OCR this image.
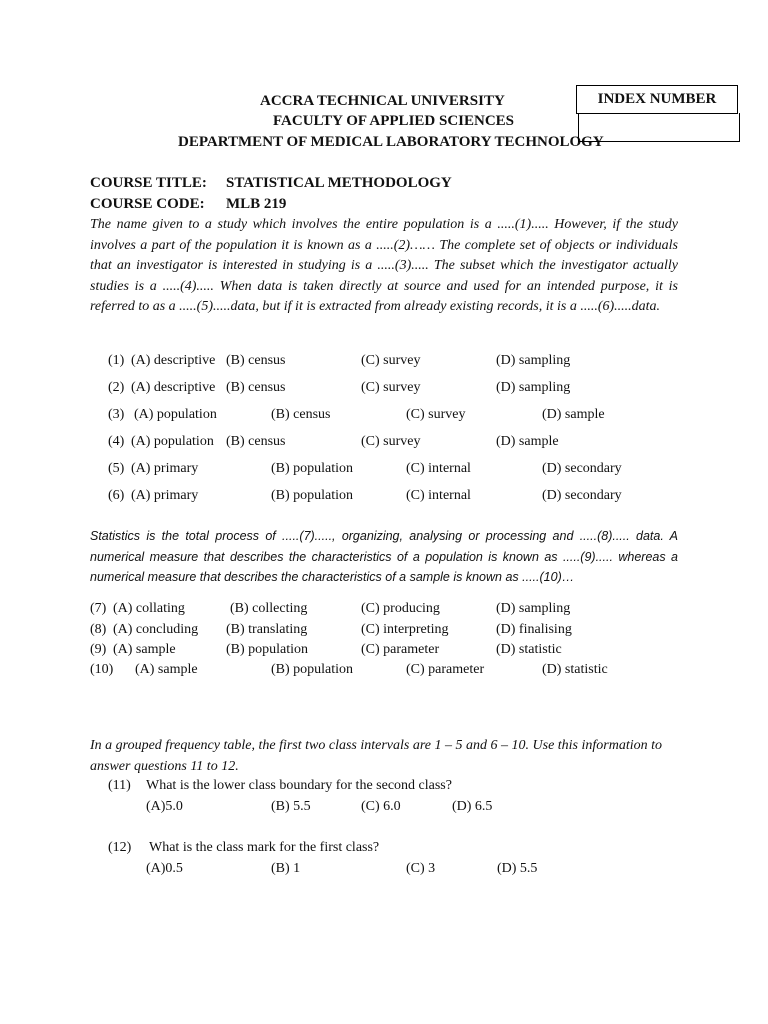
ACCRA TECHNICAL UNIVERSITY
FACULTY OF APPLIED SCIENCES
DEPARTMENT OF MEDICAL LABORATORY TECHNOLOGY
INDEX NUMBER
COURSE TITLE: STATISTICAL METHODOLOGY
COURSE CODE: MLB 219
The name given to a study which involves the entire population is a .....(1)..... However, if the study involves a part of the population it is known as a .....(2)…… The complete set of objects or individuals that an investigator is interested in studying is a .....(3)..... The subset which the investigator actually studies is a .....(4)..... When data is taken directly at source and used for an intended purpose, it is referred to as a .....(5).....data, but if it is extracted from already existing records, it is a .....(6).....data.
(1) (A) descriptive (B) census	(C) survey	(D) sampling
(2) (A) descriptive (B) census	(C) survey	(D) sampling
(3) (A) population	(B) census	(C) survey	(D) sample
(4) (A) population (B) census	(C) survey	(D) sample
(5) (A) primary	(B) population	(C) internal	(D) secondary
(6) (A) primary	(B) population	(C) internal	(D) secondary
Statistics is the total process of .....(7)....., organizing, analysing or processing and .....(8)..... data. A numerical measure that describes the characteristics of a population is known as .....(9)..... whereas a numerical measure that describes the characteristics of a sample is known as .....(10)…
(7) (A) collating	(B) collecting	(C) producing	(D) sampling
(8) (A) concluding (B) translating	(C) interpreting	(D) finalising
(9) (A) sample	(B) population	(C) parameter	(D) statistic
(10) (A) sample	(B) population	(C) parameter	(D) statistic
In a grouped frequency table, the first two class intervals are 1 – 5 and 6 – 10. Use this information to answer questions 11 to 12.
(11) What is the lower class boundary for the second class?
(A)5.0	(B) 5.5	(C) 6.0	(D) 6.5
(12) What is the class mark for the first class?
(A)0.5	(B) 1	(C) 3	(D) 5.5
